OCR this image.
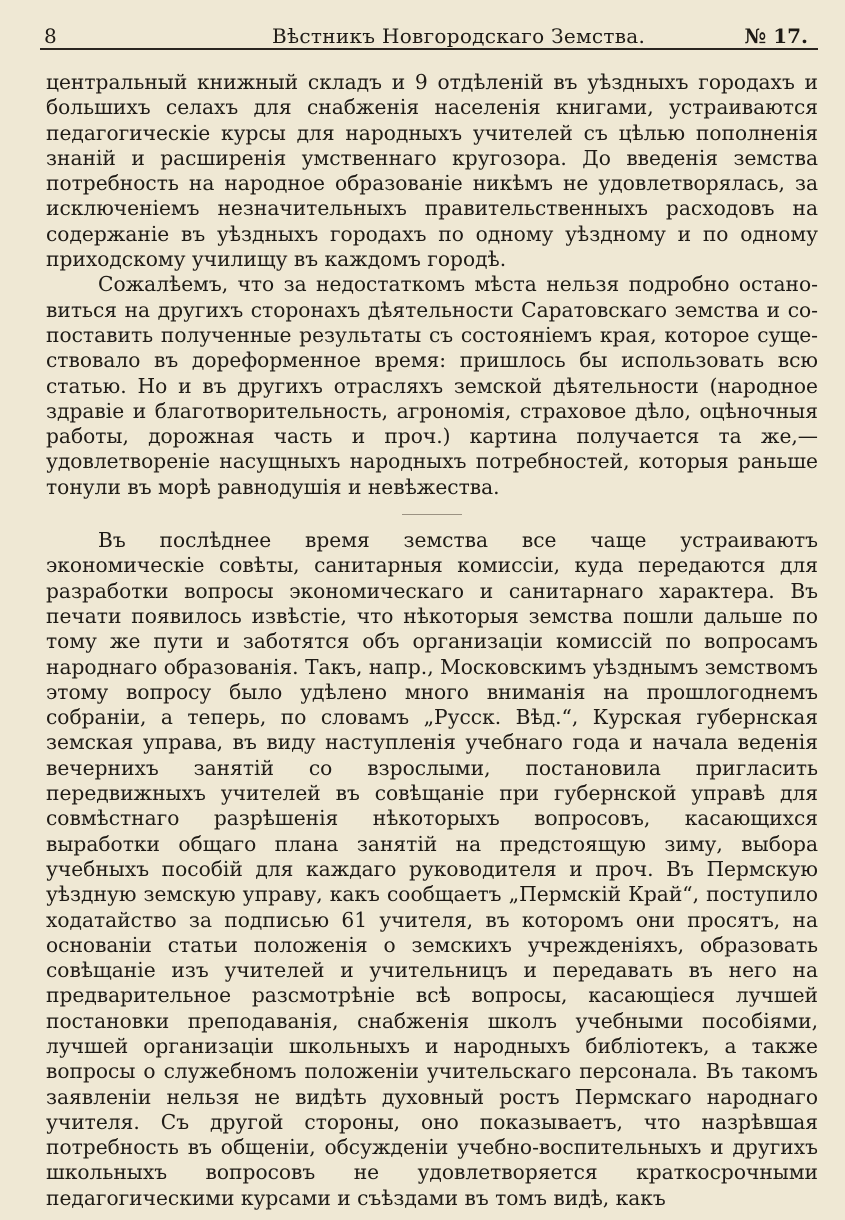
8	Вѣстникъ Новгородскаго Земства.	№ 17.

центральный книжный складъ и 9 отдѣленій въ уѣздныхъ городахъ и большихъ селахъ для снабженія населенія книгами, устраиваются педагогическіе курсы для народныхъ учителей съ цѣлью пополненія знаній и расширенія умственнаго кругозора. До введенія земства потребность на народное образованіе никѣмъ не удовлетворялась, за исключеніемъ незначительныхъ правительственныхъ расходовъ на содержаніе въ уѣздныхъ городахъ по одному уѣздному и по одному приходскому училищу въ каждомъ городѣ.

Сожалѣемъ, что за недостаткомъ мѣста нельзя подробно остановиться на другихъ сторонахъ дѣятельности Саратовскаго земства и сопоставить полученные результаты съ состояніемъ края, которое существовало въ дореформенное время: пришлось бы использовать всю статью. Но и въ другихъ отрасляхъ земской дѣятельности (народное здравіе и благотворительность, агрономія, страховое дѣло, оцѣночныя работы, дорожная часть и проч.) картина получается та же,—удовлетвореніе насущныхъ народныхъ потребностей, которыя раньше тонули въ морѣ равнодушія и невѣжества.

Въ послѣднее время земства все чаще устраиваютъ экономическіе совѣты, санитарныя комиссіи, куда передаются для разработки вопросы экономическаго и санитарнаго характера. Въ печати появилось извѣстіе, что нѣкоторыя земства пошли дальше по тому же пути и заботятся объ организаціи комиссій по вопросамъ народнаго образованія. Такъ, напр., Московскимъ уѣзднымъ земствомъ этому вопросу было удѣлено много вниманія на прошлогоднемъ собраніи, а теперь, по словамъ „Русск. Вѣд.“, Курская губернская земская управа, въ виду наступленія учебнаго года и начала веденія вечернихъ занятій со взрослыми, постановила пригласить передвижныхъ учителей въ совѣщаніе при губернской управѣ для совмѣстнаго разрѣшенія нѣкоторыхъ вопросовъ, касающихся выработки общаго плана занятій на предстоящую зиму, выбора учебныхъ пособій для каждаго руководителя и проч. Въ Пермскую уѣздную земскую управу, какъ сообщаетъ „Пермскій Край“, поступило ходатайство за подписью 61 учителя, въ которомъ они просятъ, на основаніи статьи положенія о земскихъ учрежденіяхъ, образовать совѣщаніе изъ учителей и учительницъ и передавать въ него на предварительное разсмотрѣніе всѣ вопросы, касающіеся лучшей постановки преподаванія, снабженія школъ учебными пособіями, лучшей организаціи школьныхъ и народныхъ библіотекъ, а также вопросы о служебномъ положеніи учительскаго персонала. Въ такомъ заявленіи нельзя не видѣть духовный ростъ Пермскаго народнаго учителя. Съ другой стороны, оно показываетъ, что назрѣвшая потребность въ общеніи, обсужденіи учебно-воспительныхъ и другихъ школьныхъ вопросовъ не удовлетворяется краткосрочными педагогическими курсами и съѣздами въ томъ видѣ, какъ
